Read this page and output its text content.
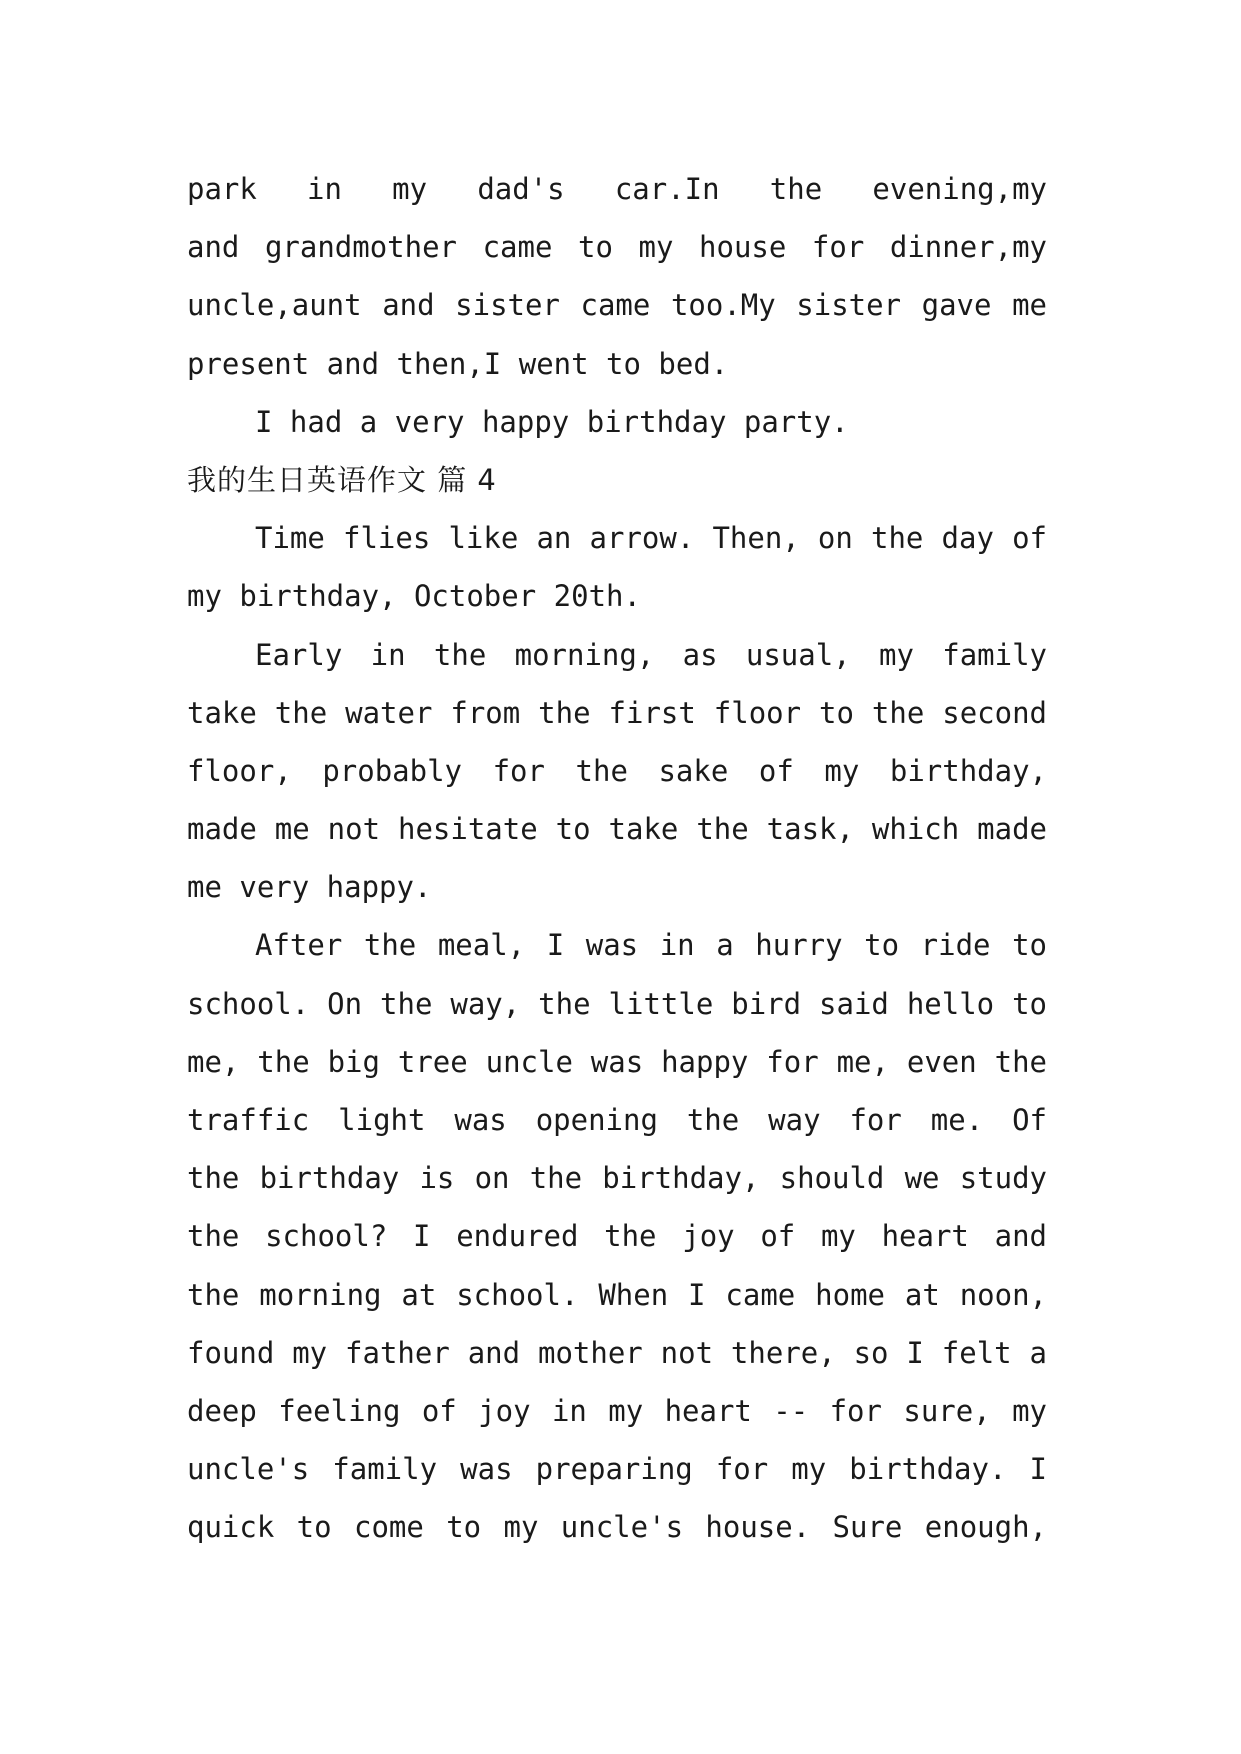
park in my dad's car.In the evening,my
and grandmother came to my house for dinner,my
uncle,aunt and sister came too.My sister gave me
present and then,I went to bed.
I had a very happy birthday party.
我的生日英语作文 篇 4
Time flies like an arrow. Then, on the day of
my birthday, October 20th.
Early in the morning, as usual, my family
take the water from the first floor to the second
floor, probably for the sake of my birthday,
made me not hesitate to take the task, which made
me very happy.
After the meal, I was in a hurry to ride to
school. On the way, the little bird said hello to
me, the big tree uncle was happy for me, even the
traffic light was opening the way for me. Of
the birthday is on the birthday, should we study
the school? I endured the joy of my heart and
the morning at school. When I came home at noon,
found my father and mother not there, so I felt a
deep feeling of joy in my heart -- for sure, my
uncle's family was preparing for my birthday. I
quick to come to my uncle's house. Sure enough,
